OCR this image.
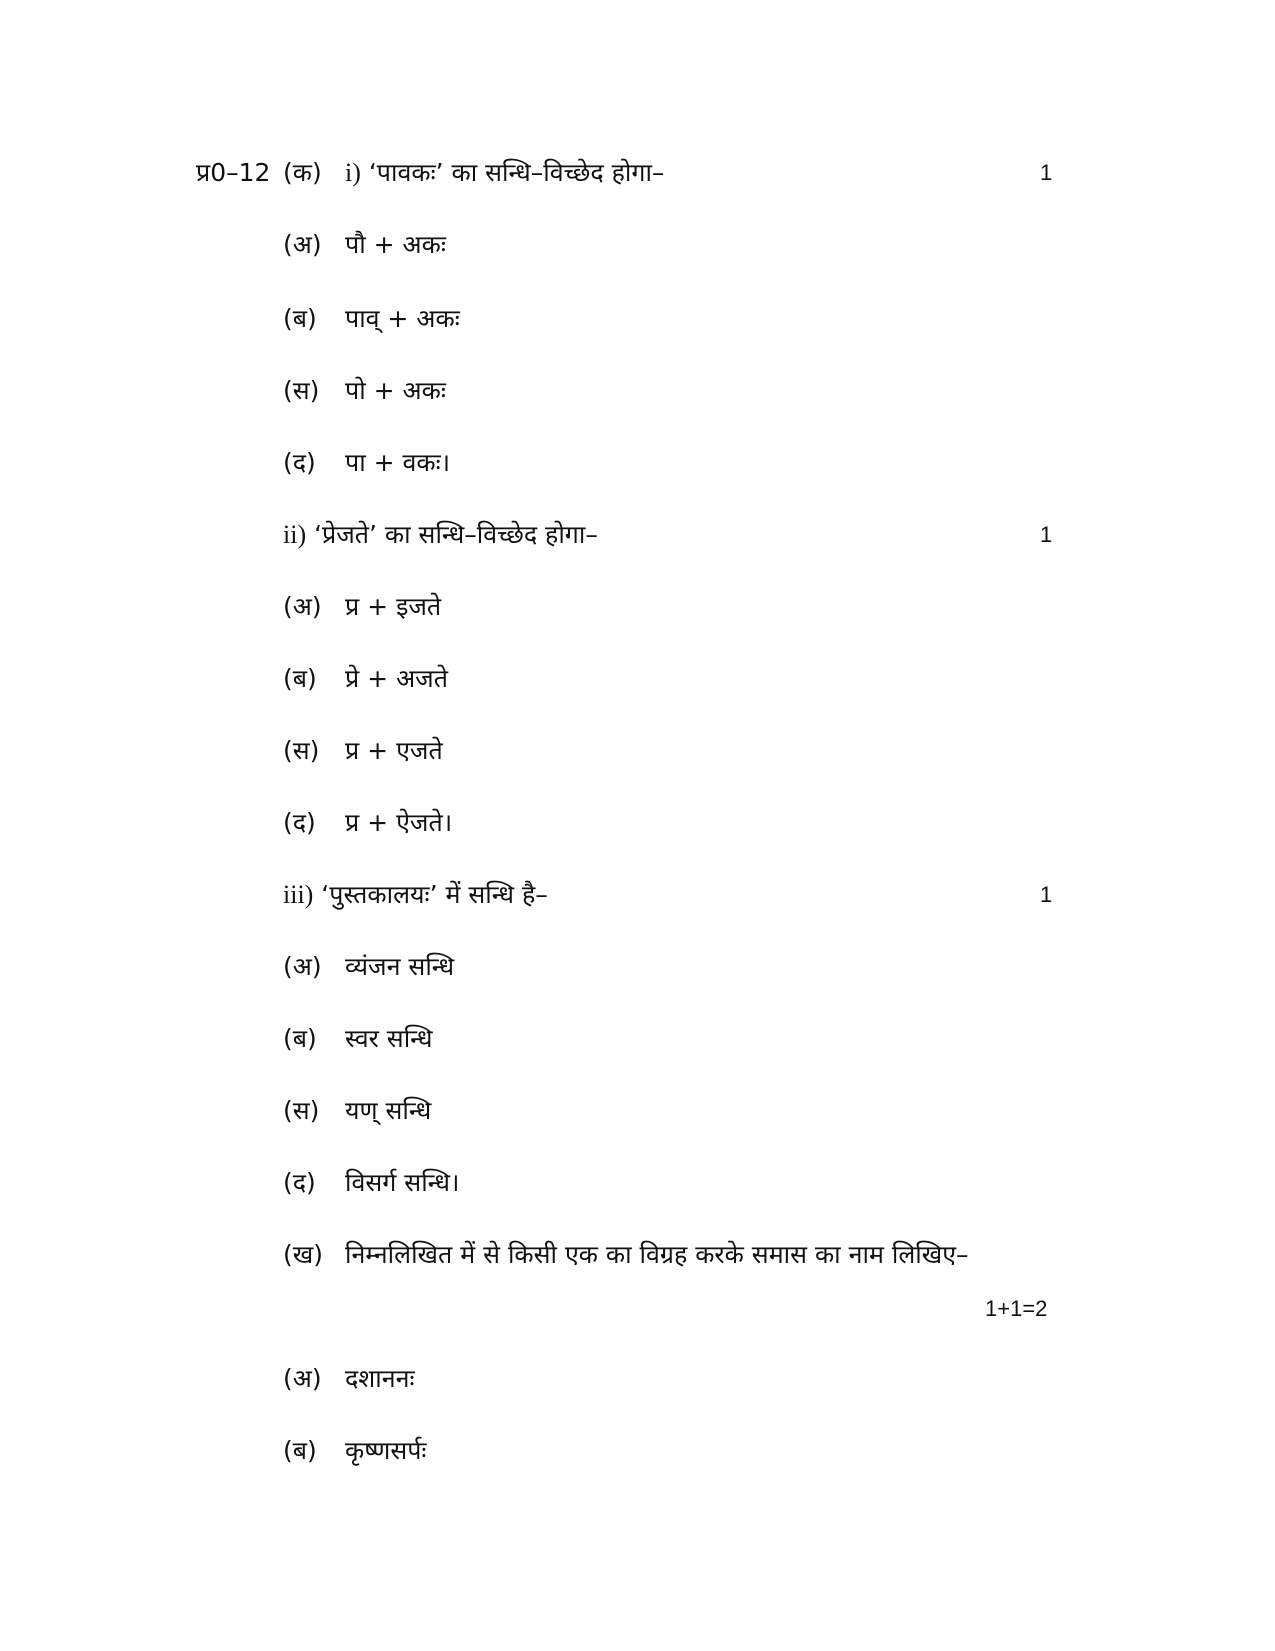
प्र0–12 (क) i) ‘पावकः’ का सन्धि–विच्छेद होगा–	1
(अ) पौ + अकः
(ब) पाव् + अकः
(स) पो + अकः
(द) पा + वकः।
ii) ‘प्रेजते’ का सन्धि–विच्छेद होगा–	1
(अ) प्र + इजते
(ब) प्रे + अजते
(स) प्र + एजते
(द) प्र + ऐजते।
iii) ‘पुस्तकालयः’ में सन्धि है–	1
(अ) व्यंजन सन्धि
(ब) स्वर सन्धि
(स) यण् सन्धि
(द) विसर्ग सन्धि।
(ख) निम्नलिखित में से किसी एक का विग्रह करके समास का नाम लिखिए–
1+1=2
(अ) दशाननः
(ब) कृष्णसर्पः
